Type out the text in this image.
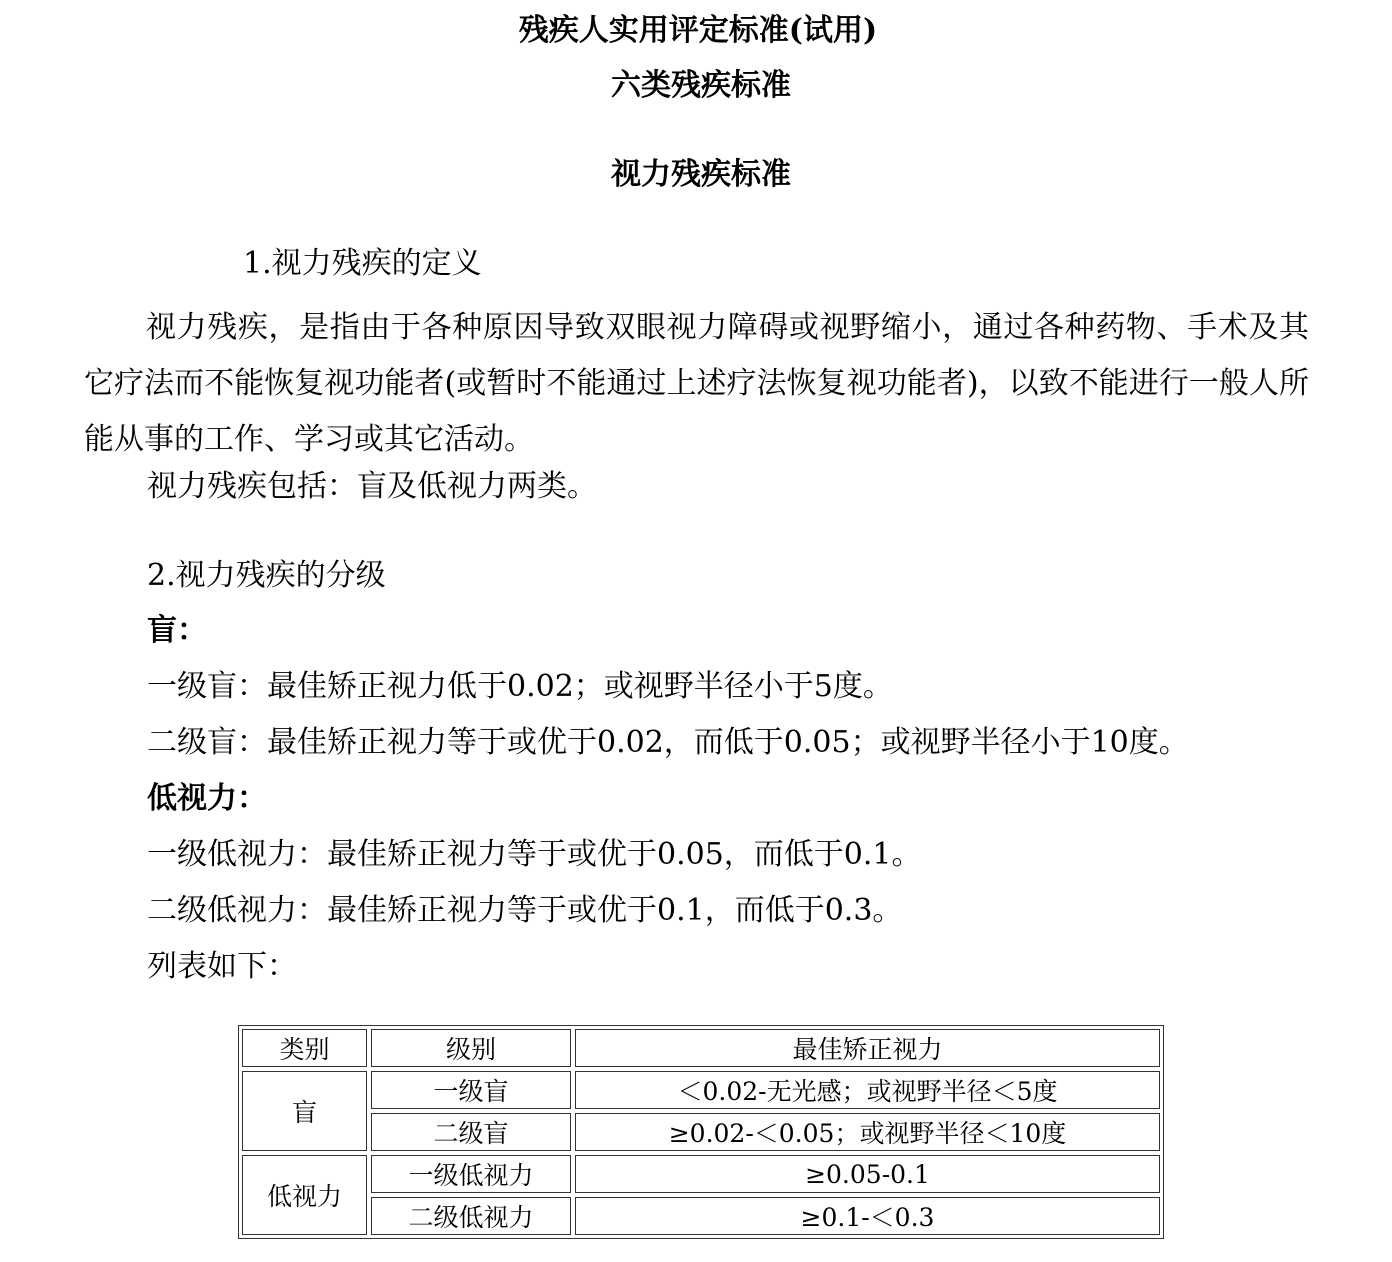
残疾人实用评定标准(试用)
六类残疾标准
视力残疾标准
1.视力残疾的定义
视力残疾，是指由于各种原因导致双眼视力障碍或视野缩小，通过各种药物、手术及其它疗法而不能恢复视功能者(或暂时不能通过上述疗法恢复视功能者)，以致不能进行一般人所能从事的工作、学习或其它活动。
视力残疾包括：盲及低视力两类。
2.视力残疾的分级
盲：
一级盲：最佳矫正视力低于0.02；或视野半径小于5度。
二级盲：最佳矫正视力等于或优于0.02，而低于0.05；或视野半径小于10度。
低视力：
一级低视力：最佳矫正视力等于或优于0.05，而低于0.1。
二级低视力：最佳矫正视力等于或优于0.1，而低于0.3。
列表如下：
类别	级别	最佳矫正视力
盲	一级盲	＜0.02-无光感；或视野半径＜5度
	二级盲	≥0.02-＜0.05；或视野半径＜10度
低视力	一级低视力	≥0.05-0.1
	二级低视力	≥0.1-＜0.3
